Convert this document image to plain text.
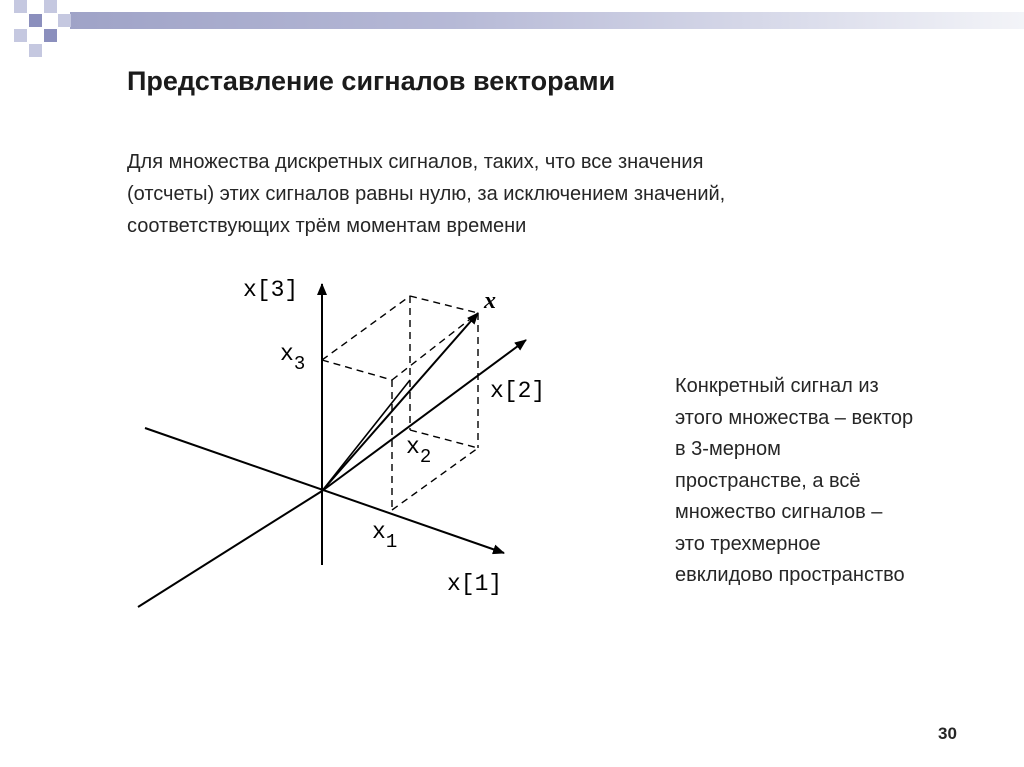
Представление сигналов векторами
Для множества дискретных сигналов, таких, что все значения
(отсчеты) этих сигналов равны нулю, за исключением значений,
соответствующих трём моментам времени
x[3]
x[2]
x[1]
x
$x_3$
$x_2$
$x_1$
Конкретный сигнал из
этого множества – вектор
в 3-мерном
пространстве, а всё
множество сигналов –
это трехмерное
евклидово пространство
30
